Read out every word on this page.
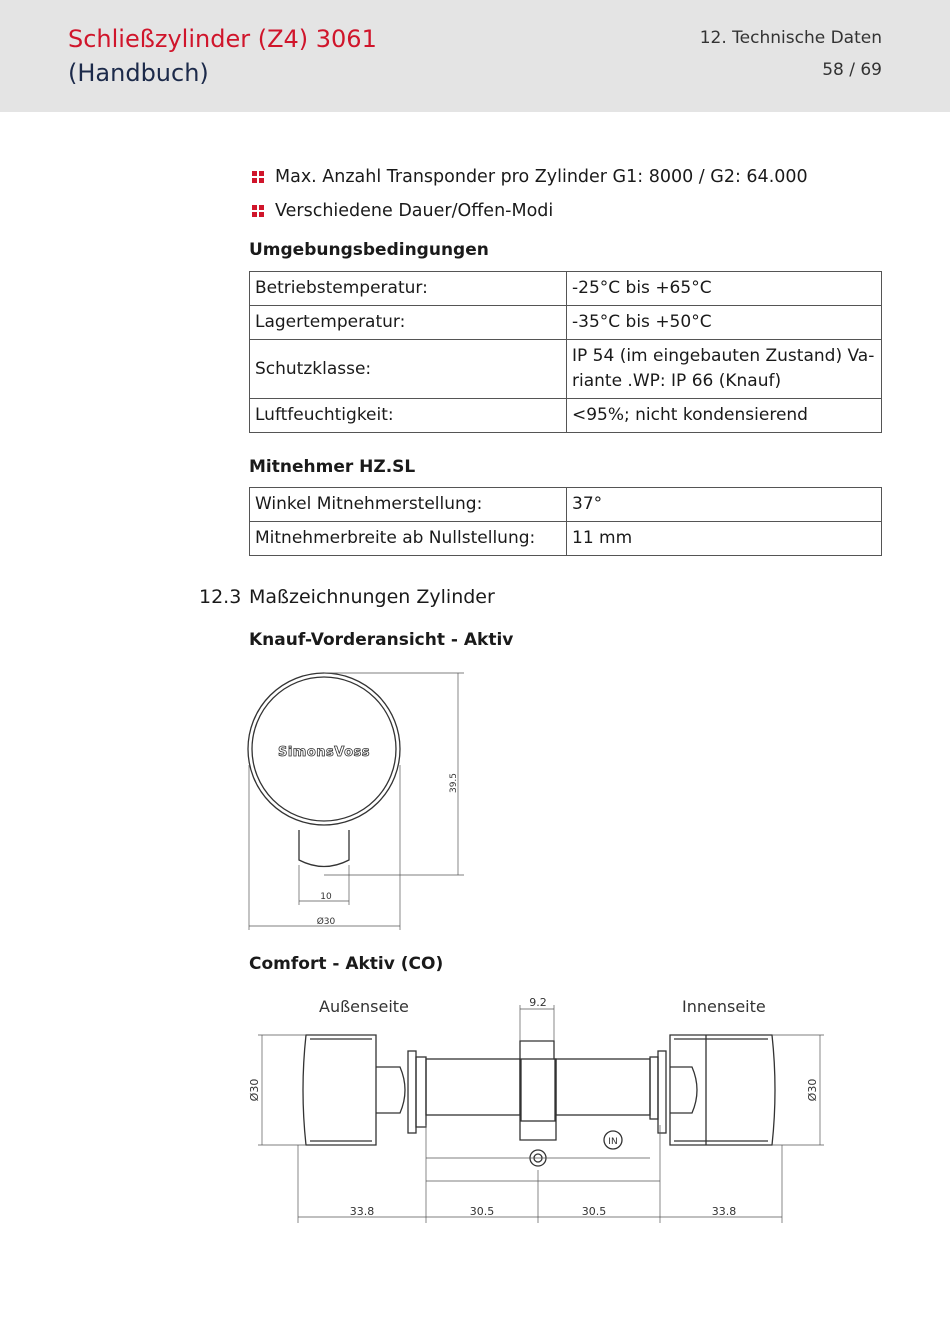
Schließzylinder (Z4) 3061
(Handbuch)
12. Technische Daten
58 / 69
Max. Anzahl Transponder pro Zylinder G1: 8000 / G2: 64.000
Verschiedene Dauer/Offen-Modi
Umgebungsbedingungen
Betriebstemperatur:	-25°C bis +65°C
Lagertemperatur:	-35°C bis +50°C
Schutzklasse:	IP 54 (im eingebauten Zustand) Va-riante .WP: IP 66 (Knauf)
Luftfeuchtigkeit:	<95%; nicht kondensierend
Mitnehmer HZ.SL
Winkel Mitnehmerstellung:	37°
Mitnehmerbreite ab Nullstellung:	11 mm
12.3 Maßzeichnungen Zylinder
Knauf-Vorderansicht - Aktiv
SimonsVoss
39.5
10
Ø30
Comfort - Aktiv (CO)
Außenseite	Innenseite
9.2
Ø30	Ø30
33.8	30.5	30.5	33.8
IN
